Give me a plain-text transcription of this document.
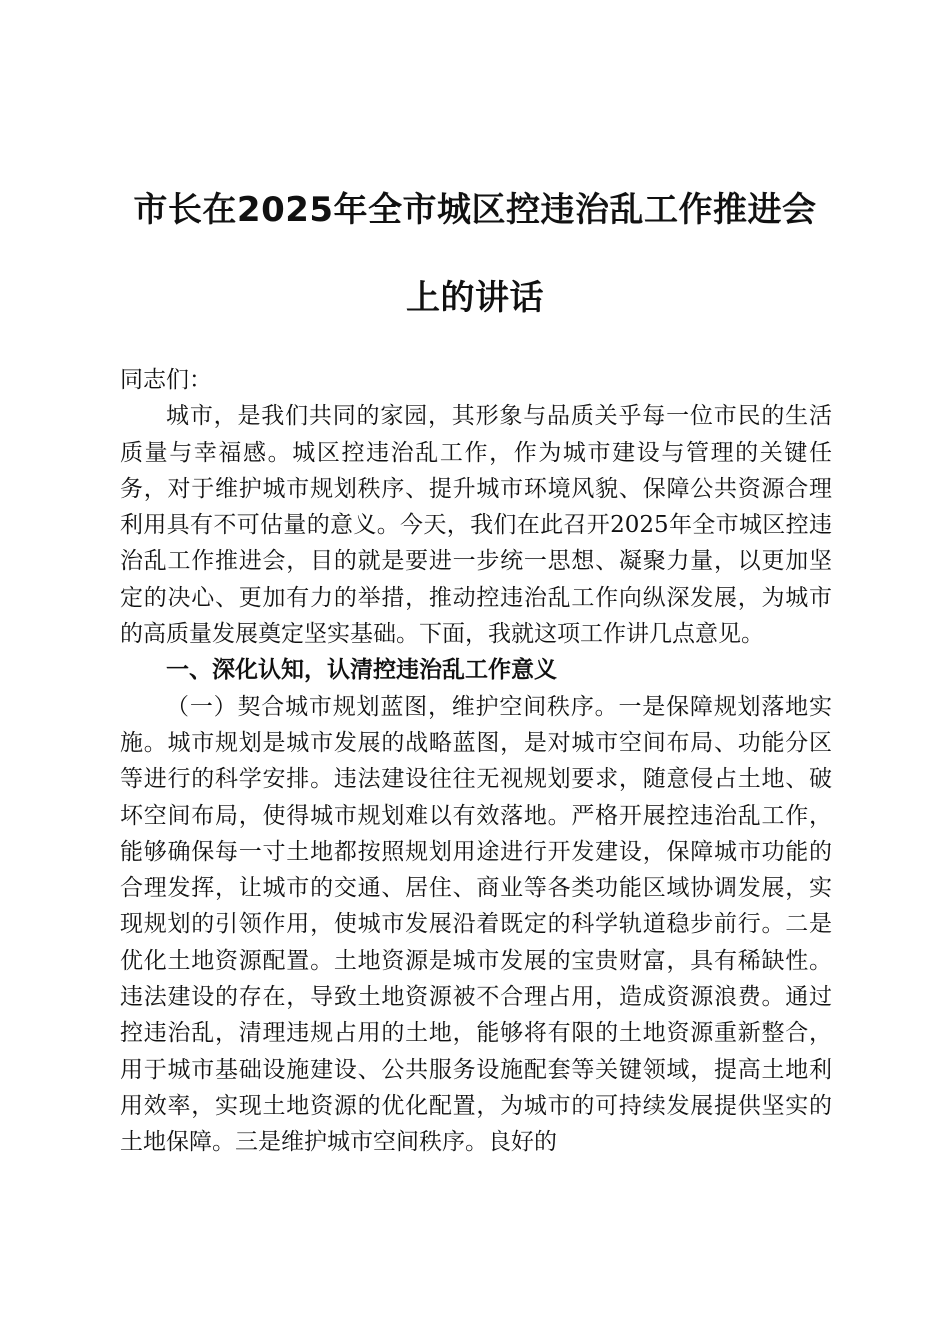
市长在2025年全市城区控违治乱工作推进会
上的讲话

同志们：

城市，是我们共同的家园，其形象与品质关乎每一位市民的生活质量与幸福感。城区控违治乱工作，作为城市建设与管理的关键任务，对于维护城市规划秩序、提升城市环境风貌、保障公共资源合理利用具有不可估量的意义。今天，我们在此召开2025年全市城区控违治乱工作推进会，目的就是要进一步统一思想、凝聚力量，以更加坚定的决心、更加有力的举措，推动控违治乱工作向纵深发展，为城市的高质量发展奠定坚实基础。下面，我就这项工作讲几点意见。

一、深化认知，认清控违治乱工作意义

（一）契合城市规划蓝图，维护空间秩序。一是保障规划落地实施。城市规划是城市发展的战略蓝图，是对城市空间布局、功能分区等进行的科学安排。违法建设往往无视规划要求，随意侵占土地、破坏空间布局，使得城市规划难以有效落地。严格开展控违治乱工作，能够确保每一寸土地都按照规划用途进行开发建设，保障城市功能的合理发挥，让城市的交通、居住、商业等各类功能区域协调发展，实现规划的引领作用，使城市发展沿着既定的科学轨道稳步前行。二是优化土地资源配置。土地资源是城市发展的宝贵财富，具有稀缺性。违法建设的存在，导致土地资源被不合理占用，造成资源浪费。通过控违治乱，清理违规占用的土地，能够将有限的土地资源重新整合，用于城市基础设施建设、公共服务设施配套等关键领域，提高土地利用效率，实现土地资源的优化配置，为城市的可持续发展提供坚实的土地保障。三是维护城市空间秩序。良好的
